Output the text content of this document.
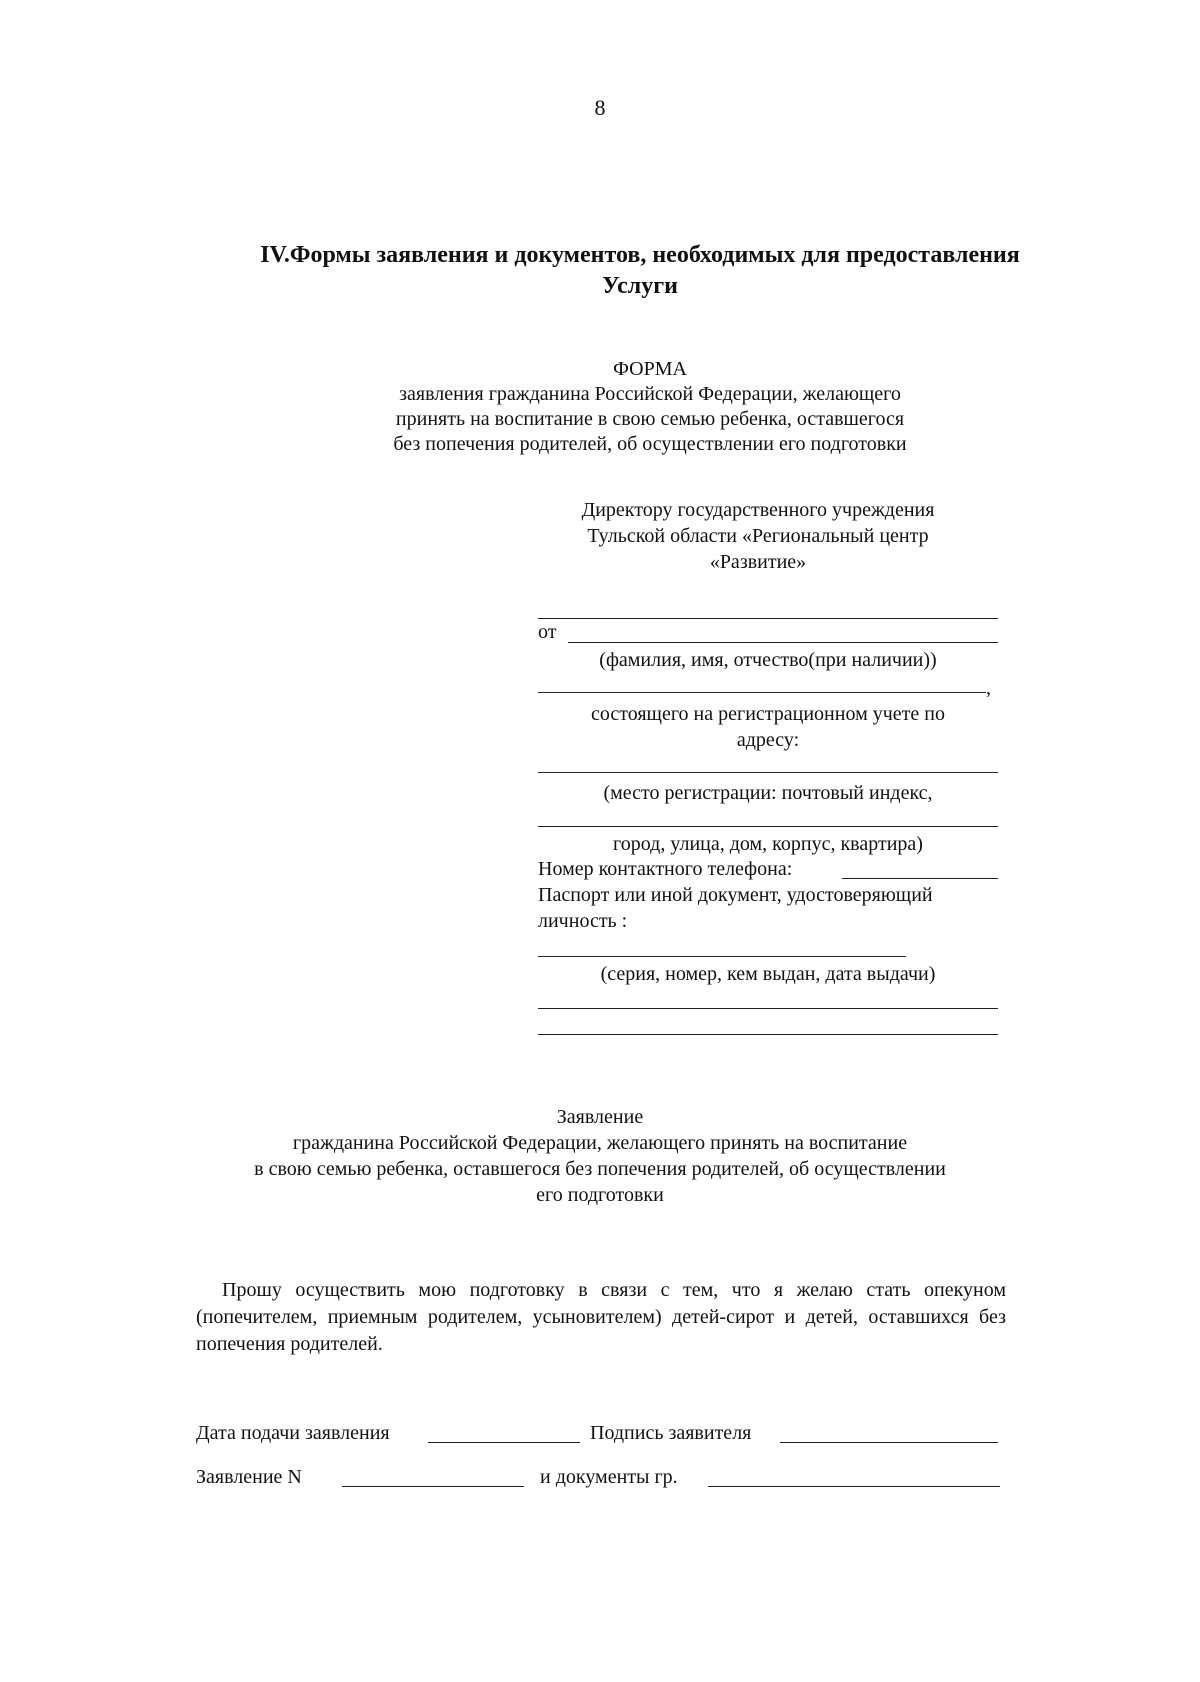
8
IV.Формы заявления и документов, необходимых для предоставления
Услуги
ФОРМА
заявления гражданина Российской Федерации, желающего
принять на воспитание в свою семью ребенка, оставшегося
без попечения родителей, об осуществлении его подготовки
Директору государственного учреждения
Тульской области «Региональный центр
«Развитие»
от
(фамилия, имя, отчество(при наличии))
,
состоящего на регистрационном учете по
адресу:
(место регистрации: почтовый индекс,
город, улица, дом, корпус, квартира)
Номер контактного телефона:
Паспорт или иной документ, удостоверяющий
личность :
(серия, номер, кем выдан, дата выдачи)
Заявление
гражданина Российской Федерации, желающего принять на воспитание
в свою семью ребенка, оставшегося без попечения родителей, об осуществлении
его подготовки
Прошу осуществить мою подготовку в связи с тем, что я желаю стать опекуном (попечителем, приемным родителем, усыновителем) детей-сирот и детей, оставшихся без попечения родителей.
Дата подачи заявления	Подпись заявителя
Заявление N	и документы гр.
